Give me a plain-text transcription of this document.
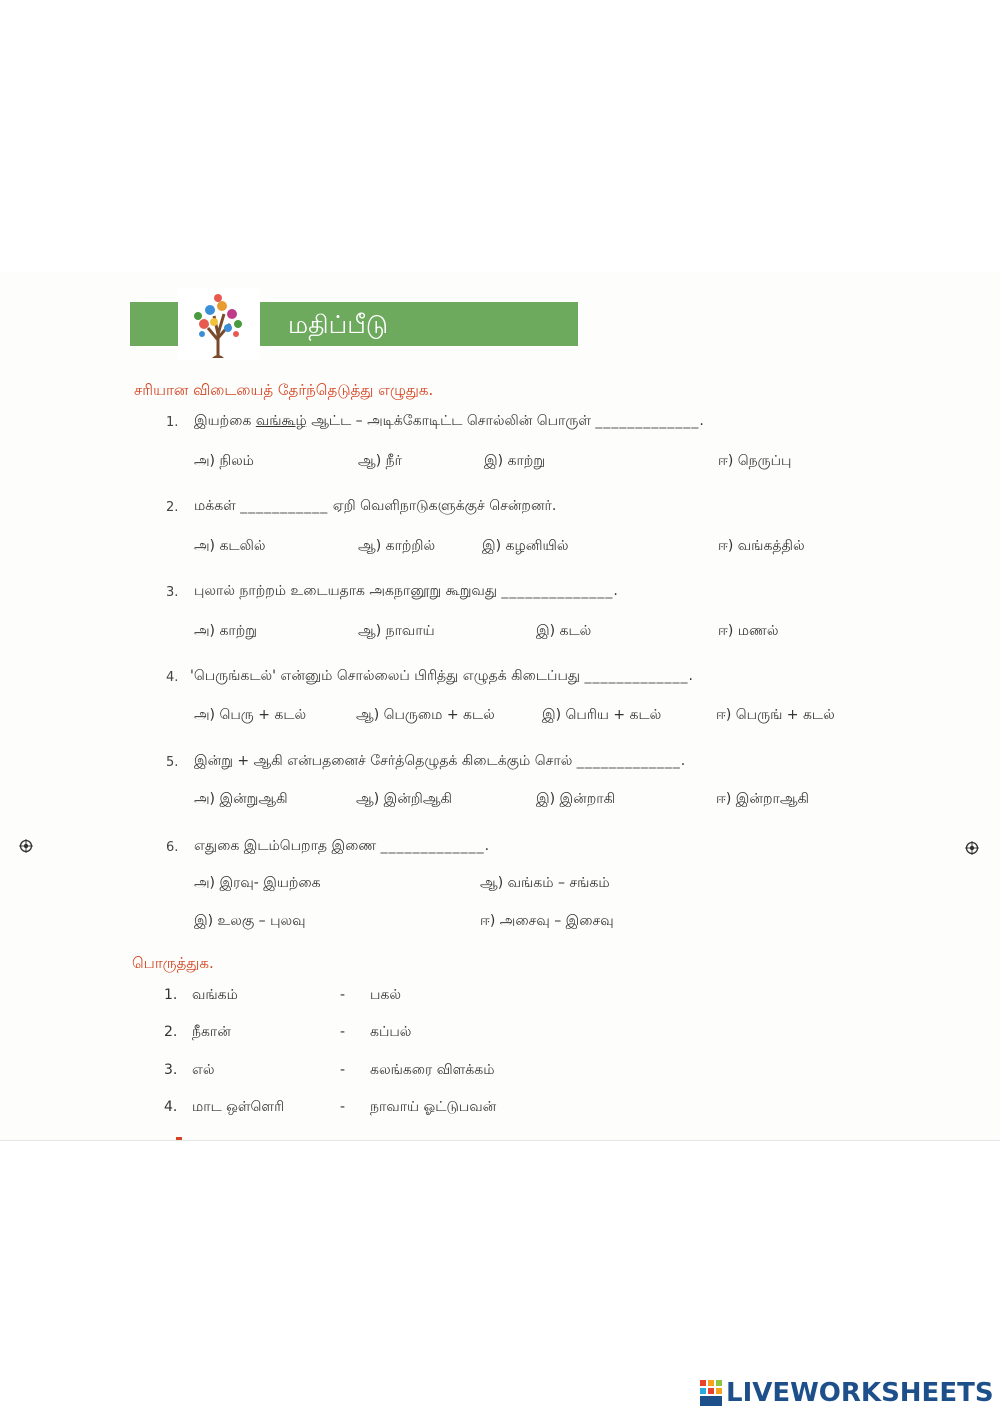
மதிப்பீடு
சரியான விடையைத் தேர்ந்தெடுத்து எழுதுக.
1. இயற்கை வங்கூழ் ஆட்ட – அடிக்கோடிட்ட சொல்லின் பொருள் _____________.
அ) நிலம்	ஆ) நீர்	இ) காற்று	ஈ) நெருப்பு
2. மக்கள் ___________ ஏறி வெளிநாடுகளுக்குச் சென்றனர்.
அ) கடலில்	ஆ) காற்றில்	இ) கழனியில்	ஈ) வங்கத்தில்
3. புலால் நாற்றம் உடையதாக அகநானூறு கூறுவது ______________.
அ) காற்று	ஆ) நாவாய்	இ) கடல்	ஈ) மணல்
4. 'பெருங்கடல்' என்னும் சொல்லைப் பிரித்து எழுதக் கிடைப்பது _____________.
அ) பெரு + கடல்	ஆ) பெருமை + கடல்	இ) பெரிய + கடல்	ஈ) பெருங் + கடல்
5. இன்று + ஆகி என்பதனைச் சேர்த்தெழுதக் கிடைக்கும் சொல் _____________.
அ) இன்றுஆகி	ஆ) இன்றிஆகி	இ) இன்றாகி	ஈ) இன்றாஆகி
6. எதுகை இடம்பெறாத இணை _____________.
அ) இரவு- இயற்கை	ஆ) வங்கம் – சங்கம்
இ) உலகு – புலவு	ஈ) அசைவு – இசைவு
பொருத்துக.
1. வங்கம்	- பகல்
2. நீகான்	- கப்பல்
3. எல்	- கலங்கரை விளக்கம்
4. மாட ஒள்ளெரி	- நாவாய் ஓட்டுபவன்
LIVEWORKSHEETS
